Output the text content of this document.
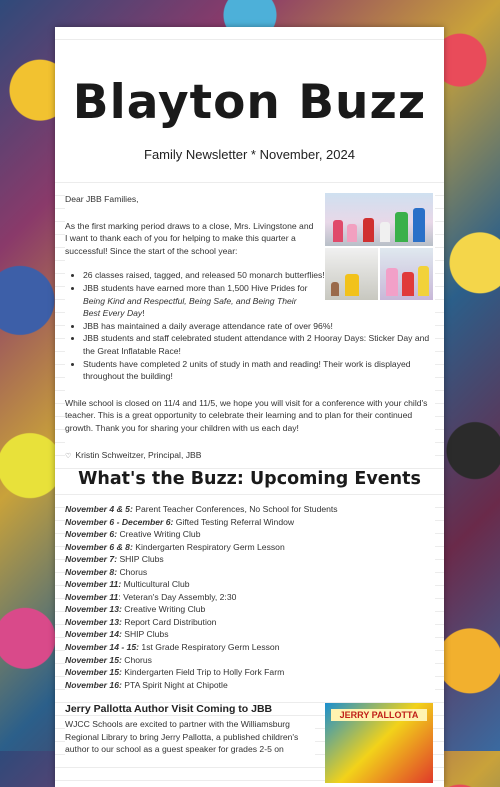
Blayton Buzz

Family Newsletter * November, 2024

Dear JBB Families,

As the first marking period draws to a close, Mrs. Livingstone and I want to thank each of you for helping to make this quarter a successful! Since the start of the school year:

• 26 classes raised, tagged, and released 50 monarch butterflies!
• JBB students have earned more than 1,500 Hive Prides for Being Kind and Respectful, Being Safe, and Being Their Best Every Day!
• JBB has maintained a daily average attendance rate of over 96%!
• JBB students and staff celebrated student attendance with 2 Hooray Days: Sticker Day and the Great Inflatable Race!
• Students have completed 2 units of study in math and reading! Their work is displayed throughout the building!

While school is closed on 11/4 and 11/5, we hope you will visit for a conference with your child's teacher. This is a great opportunity to celebrate their learning and to plan for their continued growth. Thank you for sharing your children with us each day!

♡ Kristin Schweitzer, Principal, JBB

What's the Buzz: Upcoming Events

November 4 & 5: Parent Teacher Conferences, No School for Students

November 6 - December 6: Gifted Testing Referral Window

November 6: Creative Writing Club

November 6 & 8: Kindergarten Respiratory Germ Lesson

November 7: SHIP Clubs

November 8: Chorus

November 11: Multicultural Club

November 11: Veteran's Day Assembly, 2:30

November 13: Creative Writing Club

November 13: Report Card Distribution

November 14: SHIP Clubs

November 14 - 15: 1st Grade Respiratory Germ Lesson

November 15: Chorus

November 15: Kindergarten Field Trip to Holly Fork Farm

November 16: PTA Spirit Night at Chipotle

Jerry Pallotta Author Visit Coming to JBB

WJCC Schools are excited to partner with the Williamsburg Regional Library to bring Jerry Pallotta, a published children's author to our school as a guest speaker for grades 2-5 on

JERRY PALLOTTA
